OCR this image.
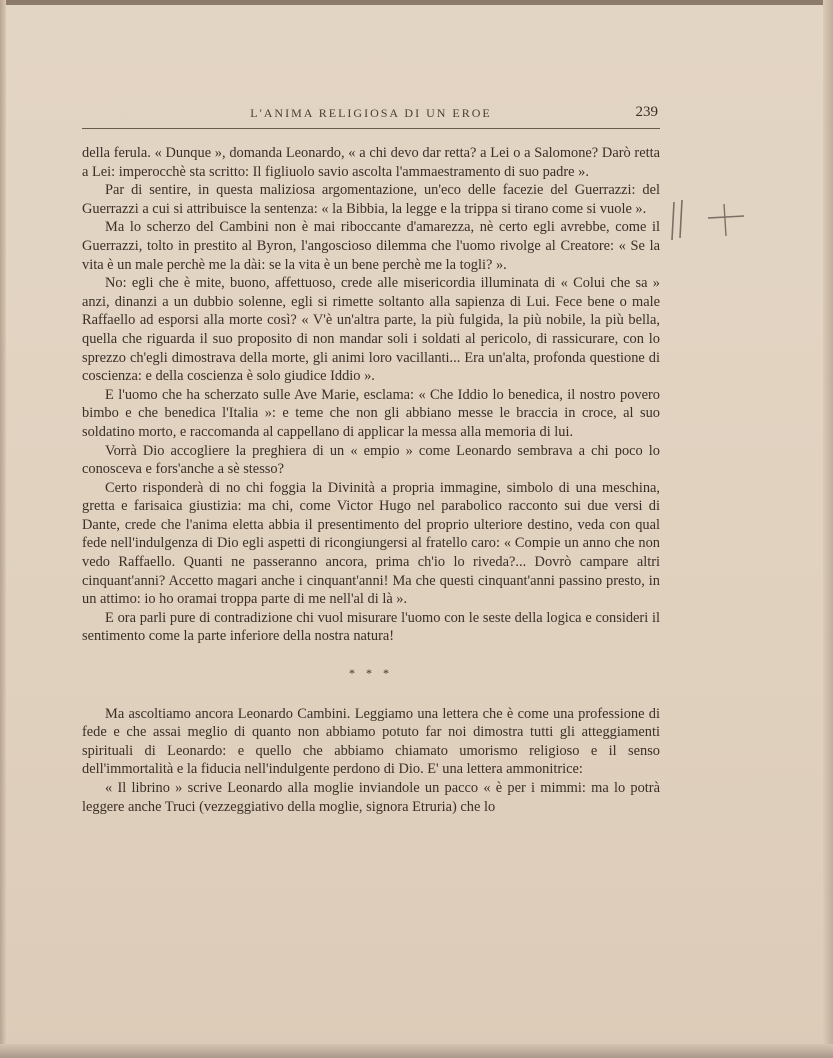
L'ANIMA RELIGIOSA DI UN EROE	239

della ferula. « Dunque », domanda Leonardo, « a chi devo dar retta? a Lei o a Salomone? Darò retta a Lei: imperocchè sta scritto: Il figliuolo savio ascolta l'ammaestramento di suo padre ».

Par di sentire, in questa maliziosa argomentazione, un'eco delle facezie del Guerrazzi: del Guerrazzi a cui si attribuisce la sentenza: « la Bibbia, la legge e la trippa si tirano come si vuole ».

Ma lo scherzo del Cambini non è mai riboccante d'amarezza, nè certo egli avrebbe, come il Guerrazzi, tolto in prestito al Byron, l'angoscioso dilemma che l'uomo rivolge al Creatore: « Se la vita è un male perchè me la dài: se la vita è un bene perchè me la togli? ».

No: egli che è mite, buono, affettuoso, crede alle misericordia illuminata di « Colui che sa » anzi, dinanzi a un dubbio solenne, egli si rimette soltanto alla sapienza di Lui. Fece bene o male Raffaello ad esporsi alla morte così? « V'è un'altra parte, la più fulgida, la più nobile, la più bella, quella che riguarda il suo proposito di non mandar soli i soldati al pericolo, di rassicurare, con lo sprezzo ch'egli dimostrava della morte, gli animi loro vacillanti... Era un'alta, profonda questione di coscienza: e della coscienza è solo giudice Iddio ».

E l'uomo che ha scherzato sulle Ave Marie, esclama: « Che Iddio lo benedica, il nostro povero bimbo e che benedica l'Italia »: e teme che non gli abbiano messe le braccia in croce, al suo soldatino morto, e raccomanda al cappellano di applicar la messa alla memoria di lui.

Vorrà Dio accogliere la preghiera di un « empio » come Leonardo sembrava a chi poco lo conosceva e fors'anche a sè stesso?

Certo risponderà di no chi foggia la Divinità a propria immagine, simbolo di una meschina, gretta e farisaica giustizia: ma chi, come Victor Hugo nel parabolico racconto sui due versi di Dante, crede che l'anima eletta abbia il presentimento del proprio ulteriore destino, veda con qual fede nell'indulgenza di Dio egli aspetti di ricongiungersi al fratello caro: « Compie un anno che non vedo Raffaello. Quanti ne passeranno ancora, prima ch'io lo riveda?... Dovrò campare altri cinquant'anni? Accetto magari anche i cinquant'anni! Ma che questi cinquant'anni passino presto, in un attimo: io ho oramai troppa parte di me nell'al di là ».

E ora parli pure di contradizione chi vuol misurare l'uomo con le seste della logica e consideri il sentimento come la parte inferiore della nostra natura!

* * *

Ma ascoltiamo ancora Leonardo Cambini. Leggiamo una lettera che è come una professione di fede e che assai meglio di quanto non abbiamo potuto far noi dimostra tutti gli atteggiamenti spirituali di Leonardo: e quello che abbiamo chiamato umorismo religioso e il senso dell'immortalità e la fiducia nell'indulgente perdono di Dio. E' una lettera ammonitrice:

« Il librino » scrive Leonardo alla moglie inviandole un pacco « è per i mimmi: ma lo potrà leggere anche Truci (vezzeggiativo della moglie, signora Etruria) che lo
